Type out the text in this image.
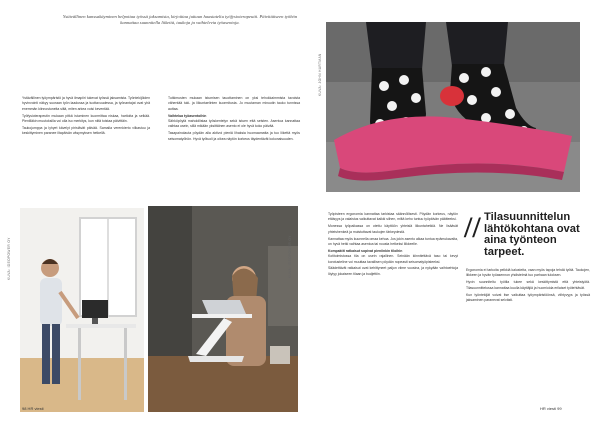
Ystävällinen kanssakäyminen helpottaa työssä jaksamista, kirjoittaa juttuun haastateltu työfysioterapeutti. Päivittäiseen työhön kannattaa suunnitella liikettä, taukoja ja vaihtelevia työasentoja.

Ystävällinen työympäristö ja hyvä ilmapiiri tukevat työssä jaksamista. Työntekijöiden hyvinvointi näkyy suoraan työn laadussa ja tuottavuudessa, ja työnantajat ovat yhä enemmän kiinnostuneita siitä, miten arkea voisi keventää.

Työfysioterapeutin mukaan pitkä istuminen kuormittaa niskaa, hartioita ja selkää. Pienilläkin muutoksilla voi olla iso merkitys, kun niitä toistaa päivittäin.

Taukojumppa ja lyhyet kävelyt piristävät päivää. Samalla verenkierto vilkastuu ja keskittyminen paranee iltapäivän väsymyksen hetkellä.

Tutkimusten mukaan istumisen tauottaminen on yksi tehokkaimmista tavoista vähentää tuki- ja liikuntaelinten kuormitusta. Jo muutaman minuutin tauko tunnissa auttaa.

Vaihtelua työasentoihin

Sähköpöytä mahdollistaa työskentelyn sekä istuen että seisten. Asentoa kannattaa vaihtaa usein, sillä mikään yksittäinen asento ei ole hyvä koko päivää.

Tasapainolauta pöydän alla aktivoi pieniä lihaksia huomaamatta ja tuo liikettä myös seisomatyöhön. Hyvä työtuoli ja oikea näytön korkeus täydentävät kokonaisuuden.

KUVA: JOHN HARTMAN
KUVA: IDEOPOWER OY	KUVA: IDEOPOWER OY

Työpisteen ergonomia kannattaa tarkistaa säännöllisesti. Pöydän korkeus, näytön etäisyys ja valaistus vaikuttavat kaikki siihen, miltä keho tuntuu työpäivän päätteeksi.

Monessa työpaikassa on otettu käyttöön yhteisiä liikuntahetkiä. Ne lisäävät yhteishenkeä ja muistuttavat taukojen tärkeydestä.

Kannattaa myös kuunnella omaa kehoa. Jos jokin asento alkaa tuntua epämukavalta, on hyvä hetki vaihtaa asentoa tai nousta hetkeksi liikkeelle.

Kompaktit ratkaisut sopivat pieniinkin tiloihin

Kotitoimistossa tila on usein rajallinen. Seinään kiinnitettävä taso tai kevyt korotusteline voi muuttaa tavallisen pöydän nopeasti seisomatyöpisteeksi.

Säädettävät ratkaisut ovat kehittyneet paljon viime vuosina, ja nykyään vaihtoehtoja löytyy jokaiseen tilaan ja budjettiin.

// Tilasuunnittelun lähtökohtana ovat aina työnteon tarpeet.

Ergonomia ei tarkoita pelkkiä kalusteita, vaan myös tapoja tehdä työtä. Taukojen, liikkeen ja hyvän työasennon yhdistelmä tuo parhaan tuloksen.

Hyvin suunniteltu työtila tukee sekä keskittymistä että yhteistyötä. Tilasuunnittelussa kannattaa kuulla käyttäjiä ja huomioida erilaiset työtehtävät.

Kun työntekijät voivat itse vaikuttaa työympäristöönsä, viihtyvyys ja työssä jaksaminen paranevat selvästi.

98 HR viesti	HR viesti 99
